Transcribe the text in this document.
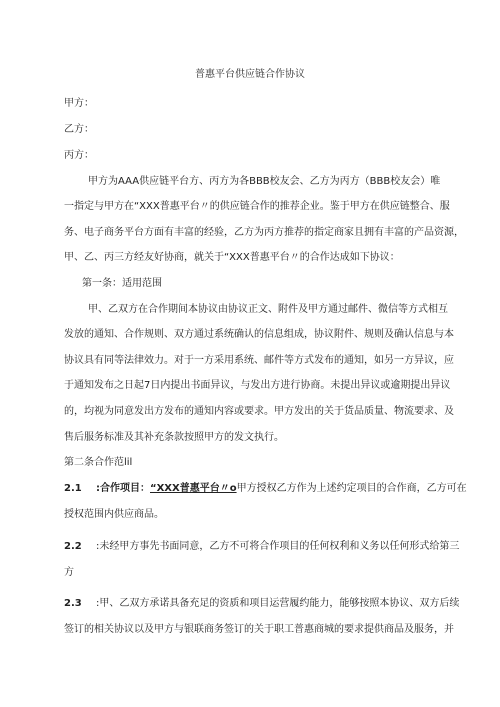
普惠平台供应链合作协议
甲方：
乙方：
丙方：
甲方为AAA供应链平台方、丙方为各BBB校友会、乙方为丙方（BBB校友会）唯
一指定与甲方在“XXX普惠平台〃的供应链合作的推荐企业。鉴于甲方在供应链整合、服
务、电子商务平台方面有丰富的经验，乙方为丙方推荐的指定商家且拥有丰富的产品资源，
甲、乙、丙三方经友好协商，就关于“XXX普惠平台〃的合作达成如下协议：
第一条：适用范围
甲、乙双方在合作期间本协议由协议正文、附件及甲方通过邮件、微信等方式相互
发放的通知、合作规则、双方通过系统确认的信息组成，协议附件、规则及确认信息与本
协议具有同等法律效力。对于一方采用系统、邮件等方式发布的通知，如另一方异议，应
于通知发布之日起7日内提出书面异议，与发出方进行协商。未提出异议或逾期提出异议
的，均视为同意发出方发布的通知内容或要求。甲方发出的关于货品质量、物流要求、及
售后服务标准及其补充条款按照甲方的发文执行。
第二条合作范lil
2.1 :合作项目：“XXX普惠平台〃o甲方授权乙方作为上述约定项目的合作商，乙方可在
授权范围内供应商品。
2.2 :未经甲方事先书面同意，乙方不可将合作项目的任何权利和义务以任何形式给第三
方
2.3 :甲、乙双方承诺具备充足的资质和项目运营履约能力，能够按照本协议、双方后续
签订的相关协议以及甲方与银联商务签订的关于职工普惠商城的要求提供商品及服务，并
